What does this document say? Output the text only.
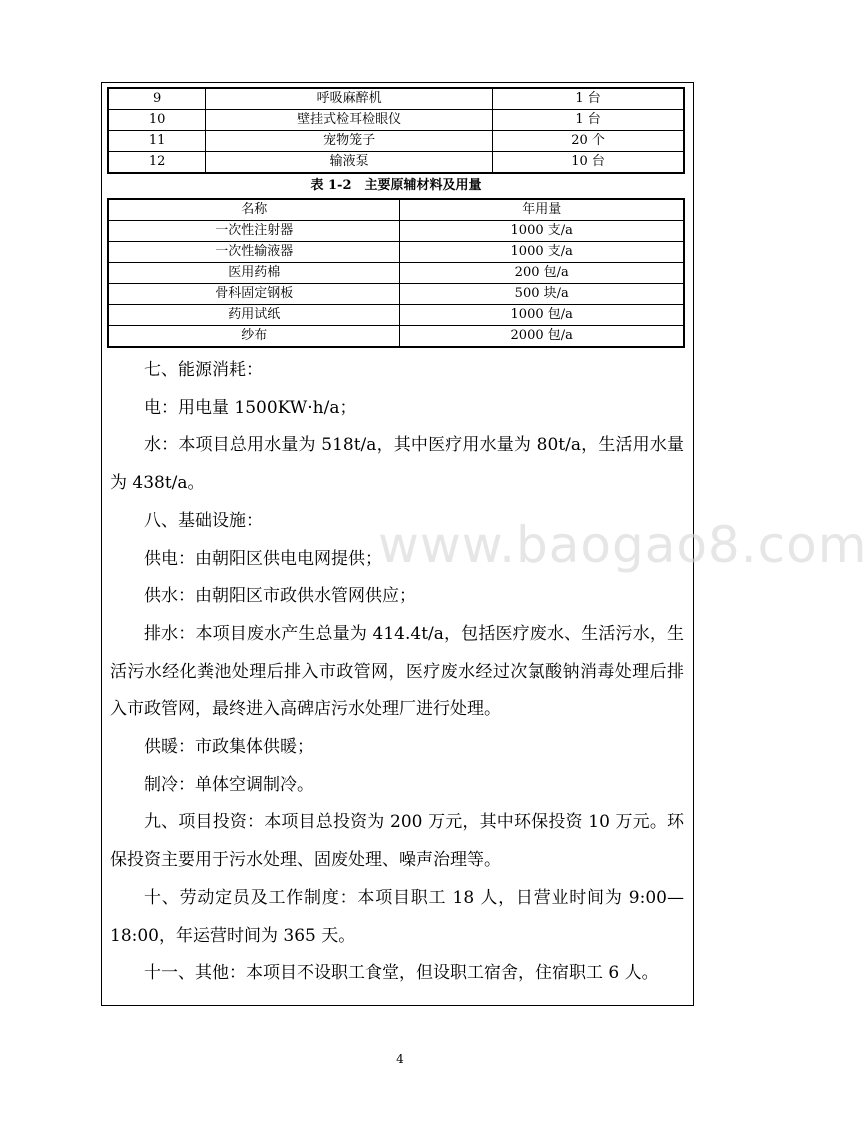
9	呼吸麻醉机	1 台
10	壁挂式检耳检眼仪	1 台
11	宠物笼子	20 个
12	输液泵	10 台
表 1-2　主要原辅材料及用量
名称	年用量
一次性注射器	1000 支/a
一次性输液器	1000 支/a
医用药棉	200 包/a
骨科固定钢板	500 块/a
药用试纸	1000 包/a
纱布	2000 包/a

七、能源消耗：

电：用电量 1500KW·h/a；

水：本项目总用水量为 518t/a，其中医疗用水量为 80t/a，生活用水量为 438t/a。

八、基础设施：

供电：由朝阳区供电电网提供；

供水：由朝阳区市政供水管网供应；

排水：本项目废水产生总量为 414.4t/a，包括医疗废水、生活污水，生活污水经化粪池处理后排入市政管网，医疗废水经过次氯酸钠消毒处理后排入市政管网，最终进入高碑店污水处理厂进行处理。

供暖：市政集体供暖；

制冷：单体空调制冷。

九、项目投资：本项目总投资为 200 万元，其中环保投资 10 万元。环保投资主要用于污水处理、固废处理、噪声治理等。

十、劳动定员及工作制度：本项目职工 18 人，日营业时间为 9:00—18:00，年运营时间为 365 天。

十一、其他：本项目不设职工食堂，但设职工宿舍，住宿职工 6 人。

www.baogao8.com
4
